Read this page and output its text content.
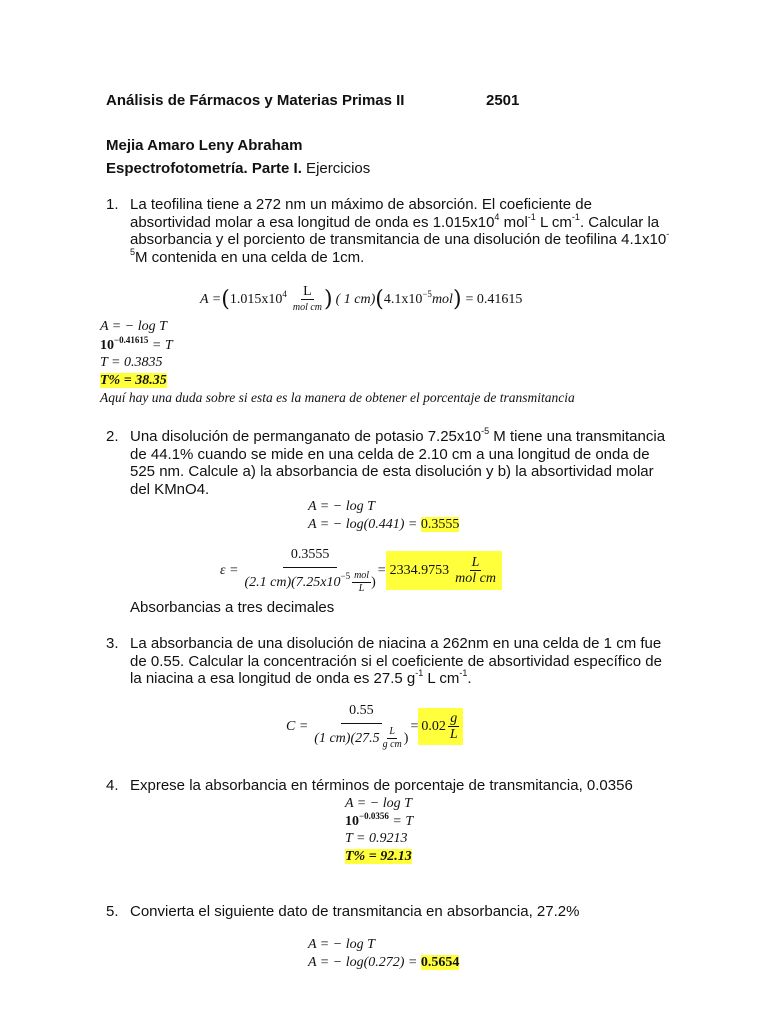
Análisis de Fármacos y Materias Primas II	2501
Mejia Amaro Leny Abraham
Espectrofotometría. Parte I. Ejercicios
1. La teofilina tiene a 272 nm un máximo de absorción. El coeficiente de
absortividad molar a esa longitud de onda es $1.015x10^4$ mol$^{-1}$ L $cm^{-1}$. Calcular la
absorbancia y el porciento de transmitancia de una disolución de teofilina 4.1x10-
$^5$M contenida en una celda de 1cm.
A = ( 1.015x10 $4 \frac{L}{\text{mol cm}}$ ) ( 1 cm) ( 4.1x10 −5 mol ) = 0.41615
A = − log T
$10^{-0.41615} = T$
T = 0.3835
T% = 38.35
Aquí hay una duda sobre si esta es la manera de obtener el porcentaje de transmitancia
2. Una disolución de permanganato de potasio $7.25x10^{-5}$ M tiene una transmitancia
de 44.1% cuando se mide en una celda de 2.10 cm a una longitud de onda de
525 nm. Calcule a) la absorbancia de esta disolución y b) la absortividad molar
del KMnO4.
A = − log T
A = − log(0.441) = 0.3555
$\varepsilon = \frac{0.3555}{(2.1 cm)(7.25x10 -5 \frac{\text{mol}}{L} )} = 2334.9753 \frac{L}{\text{mol cm}}$
Absorbancias a tres decimales
3. La absorbancia de una disolución de niacina a 262nm en una celda de 1 cm fue
de 0.55. Calcular la concentración si el coeficiente de absortividad específico de
la niacina a esa longitud de onda es 27.5 $g^{-1}$ L $cm^{-1}$.
$C = \frac{0.55}{(1 cm)(27.5 \frac{L}{\text{g cm}} )} = 0.02 \frac{g}{L}$
4. Exprese la absorbancia en términos de porcentaje de transmitancia, 0.0356
A = − log T
$10^{-0.0356} = T$
T = 0.9213
T% = 92.13
5. Convierta el siguiente dato de transmitancia en absorbancia, 27.2%
A = − log T
A = − log(0.272) = 0.5654
